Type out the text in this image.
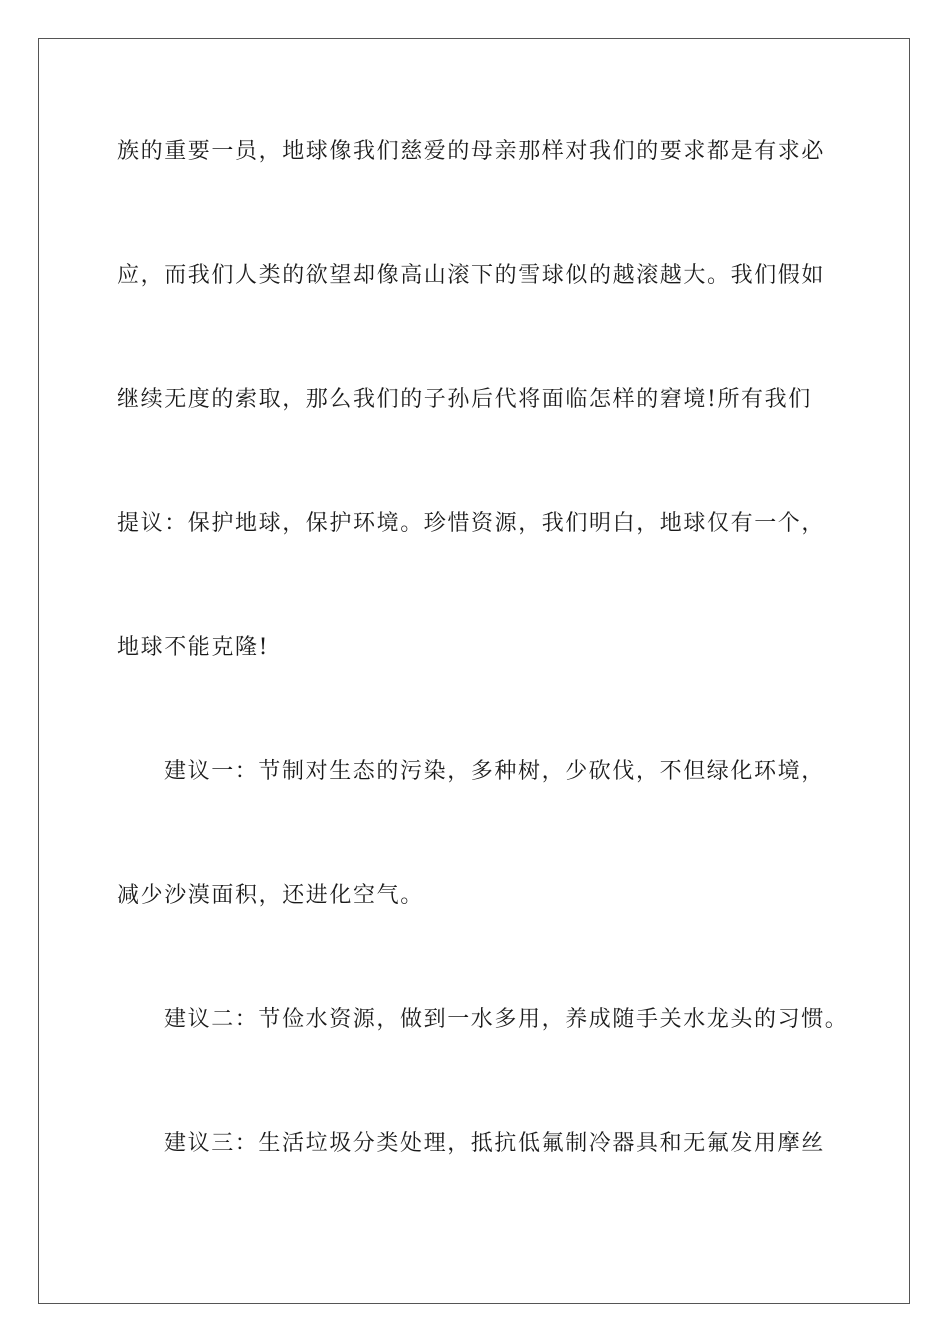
族的重要一员，地球像我们慈爱的母亲那样对我们的要求都是有求必
应，而我们人类的欲望却像高山滚下的雪球似的越滚越大。我们假如
继续无度的索取，那么我们的子孙后代将面临怎样的窘境!所有我们
提议：保护地球，保护环境。珍惜资源，我们明白，地球仅有一个，
地球不能克隆!
建议一：节制对生态的污染，多种树，少砍伐，不但绿化环境，
减少沙漠面积，还进化空气。
建议二：节俭水资源，做到一水多用，养成随手关水龙头的习惯。
建议三：生活垃圾分类处理，抵抗低氟制冷器具和无氟发用摩丝
